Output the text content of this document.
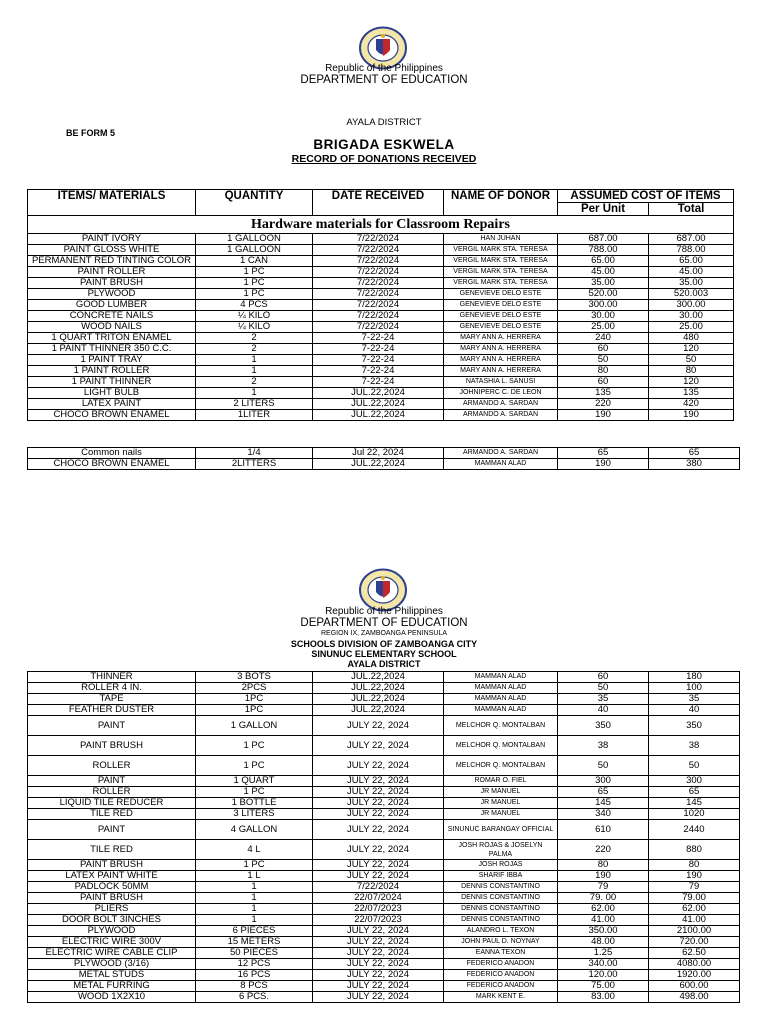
Republic of the Philippines
DEPARTMENT OF EDUCATION
AYALA DISTRICT
BE FORM 5
BRIGADA ESKWELA
RECORD OF DONATIONS RECEIVED
ITEMS/ MATERIALS	QUANTITY	DATE RECEIVED	NAME OF DONOR	ASSUMED COST OF ITEMS	
				Per Unit	Total
Hardware materials for Classroom Repairs					
PAINT IVORY	1 GALLOON	7/22/2024	HAN JUHAN	687.00	687.00
PAINT GLOSS WHITE	1 GALLOON	7/22/2024	VERGIL MARK STA. TERESA	788.00	788.00
PERMANENT RED TINTING COLOR	1 CAN	7/22/2024	VERGIL MARK STA. TERESA	65.00	65.00
PAINT ROLLER	1 PC	7/22/2024	VERGIL MARK STA. TERESA	45.00	45.00
PAINT BRUSH	1 PC	7/22/2024	VERGIL MARK STA. TERESA	35.00	35.00
PLYWOOD	1 PC	7/22/2024	GENEVIEVE DELO ESTE	520.00	520.003
GOOD LUMBER	4 PCS	7/22/2024	GENEVIEVE DELO ESTE	300.00	300.00
CONCRETE NAILS	¼ KILO	7/22/2024	GENEVIEVE DELO ESTE	30.00	30.00
WOOD NAILS	¼ KILO	7/22/2024	GENEVIEVE DELO ESTE	25.00	25.00
1 QUART TRITON ENAMEL	2	7-22-24	MARY ANN A. HERRERA	240	480
1 PAINT THINNER 350 C.C.	2	7-22-24	MARY ANN A. HERRERA	60	120
1 PAINT TRAY	1	7-22-24	MARY ANN A. HERRERA	50	50
1 PAINT ROLLER	1	7-22-24	MARY ANN A. HERRERA	80	80
1 PAINT THINNER	2	7-22-24	NATASHIA L. SANUSI	60	120
LIGHT BULB	1	JUL.22,2024	JOHNIPERC C. DE LEON	135	135
LATEX PAINT	2 LITERS	JUL.22,2024	ARMANDO A. SARDAN	220	420
CHOCO BROWN ENAMEL	1LITER	JUL.22,2024	ARMANDO A. SARDAN	190	190
Common nails	1/4	Jul 22, 2024	ARMANDO A. SARDAN	65	65
CHOCO BROWN ENAMEL	2LITTERS	JUL.22,2024	MAMMAN ALAD	190	380
Republic of the Philippines
DEPARTMENT OF EDUCATION
REGION IX, ZAMBOANGA PENINSULA
SCHOOLS DIVISION OF ZAMBOANGA CITY
SINUNUC ELEMENTARY SCHOOL
AYALA DISTRICT
THINNER	3 BOTS	JUL.22,2024	MAMMAN ALAD	60	180
ROLLER 4 IN.	2PCS	JUL.22,2024	MAMMAN ALAD	50	100
TAPE	1PC	JUL.22,2024	MAMMAN ALAD	35	35
FEATHER DUSTER	1PC	JUL.22,2024	MAMMAN ALAD	40	40
PAINT	1 GALLON	JULY 22, 2024	MELCHOR Q. MONTALBAN	350	350
PAINT BRUSH	1 PC	JULY 22, 2024	MELCHOR Q. MONTALBAN	38	38
ROLLER	1 PC	JULY 22, 2024	MELCHOR Q. MONTALBAN	50	50
PAINT	1 QUART	JULY 22, 2024	ROMAR O. FIEL	300	300
ROLLER	1 PC	JULY 22, 2024	JR MANUEL	65	65
LIQUID TILE REDUCER	1 BOTTLE	JULY 22, 2024	JR MANUEL	145	145
TILE RED	3 LITERS	JULY 22, 2024	JR MANUEL	340	1020
PAINT	4 GALLON	JULY 22, 2024	SINUNUC BARANGAY OFFICIAL	610	2440
TILE RED	4 L	JULY 22, 2024	JOSH ROJAS & JOSELYN PALMA	220	880
PAINT BRUSH	1 PC	JULY 22, 2024	JOSH ROJAS	80	80
LATEX PAINT WHITE	1 L	JULY 22, 2024	SHARIF IBBA	190	190
PADLOCK 50MM	1	7/22/2024	DENNIS CONSTANTINO	79	79
PAINT BRUSH	1	22/07/2024	DENNIS CONSTANTINO	79. 00	79.00
PLIERS	1	22/07/2023	DENNIS CONSTANTINO	62.00	62.00
DOOR BOLT 3INCHES	1	22/07/2023	DENNIS CONSTANTINO	41.00	41.00
PLYWOOD	6 PIECES	JULY 22, 2024	ALANDRO L. TEXON	350.00	2100.00
ELECTRIC WIRE 300V	15 METERS	JULY 22, 2024	JOHN PAUL D. NOYNAY	48.00	720.00
ELECTRIC WIRE CABLE CLIP	50 PIECES	JULY 22, 2024	EANNA TEXON	1.25	62.50
PLYWOOD (3/16)	12 PCS	JULY 22, 2024	FEDERICO ANADON	340.00	4080.00
METAL STUDS	16 PCS	JULY 22, 2024	FEDERICO ANADON	120.00	1920.00
METAL FURRING	8 PCS	JULY 22, 2024	FEDERICO ANADON	75.00	600.00
WOOD 1X2X10	6 PCS.	JULY 22, 2024	MARK KENT E.	83.00	498.00
